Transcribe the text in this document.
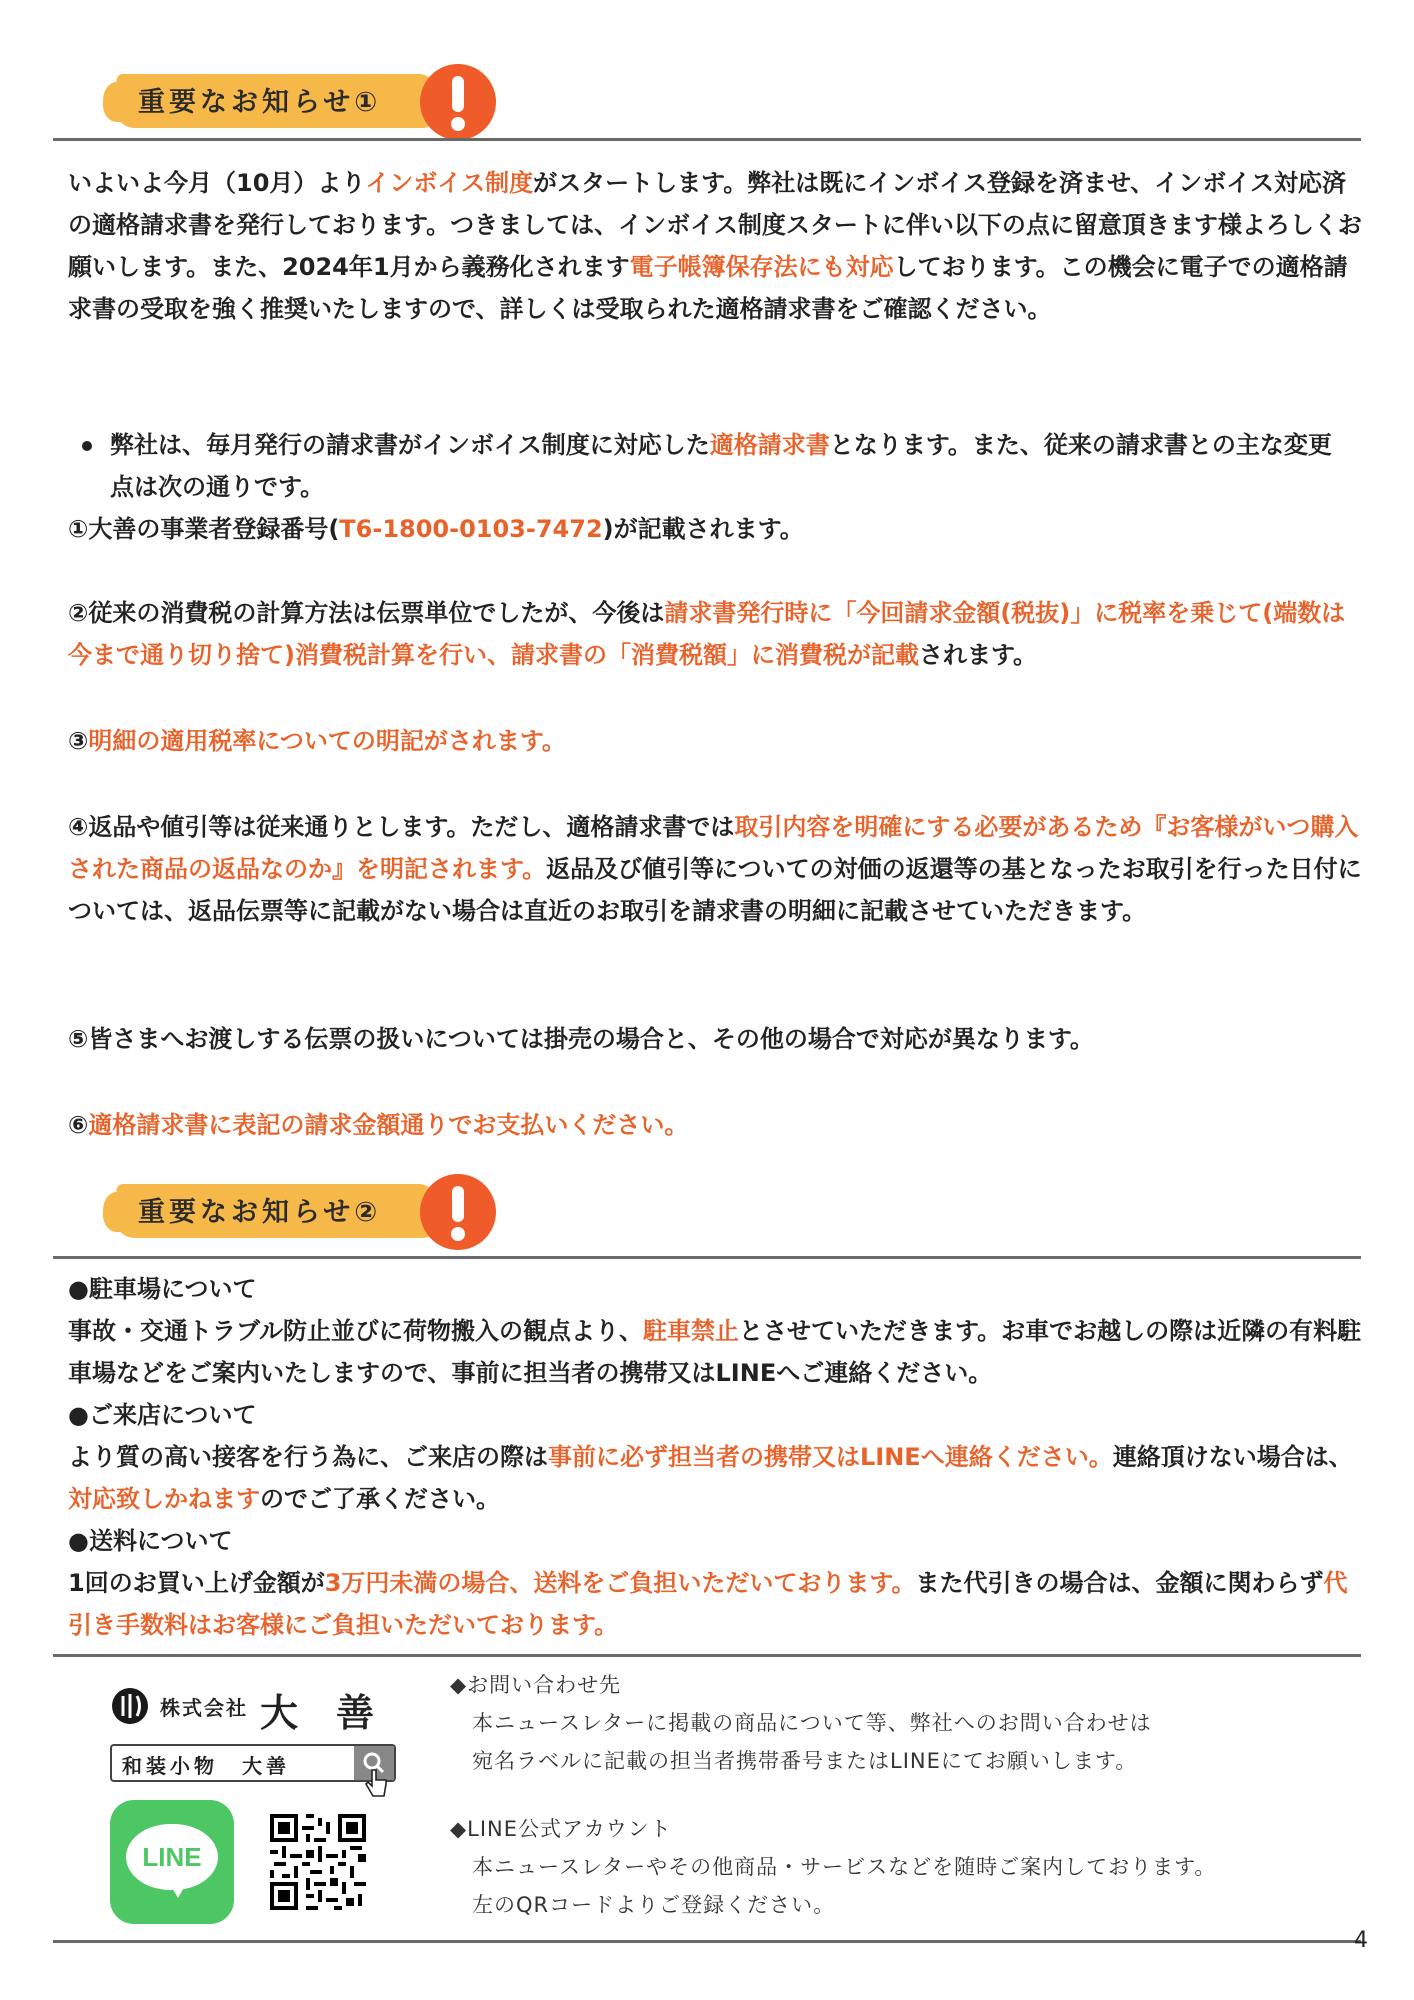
重要なお知らせ①

いよいよ今月（10月）よりインボイス制度がスタートします。弊社は既にインボイス登録を済ませ、インボイス対応済の適格請求書を発行しております。つきましては、インボイス制度スタートに伴い以下の点に留意頂きます様よろしくお願いします。また、2024年1月から義務化されます電子帳簿保存法にも対応しております。この機会に電子での適格請求書の受取を強く推奨いたしますので、詳しくは受取られた適格請求書をご確認ください。

弊社は、毎月発行の請求書がインボイス制度に対応した適格請求書となります。また、従来の請求書との主な変更点は次の通りです。

①大善の事業者登録番号(T6-1800-0103-7472)が記載されます。

②従来の消費税の計算方法は伝票単位でしたが、今後は請求書発行時に「今回請求金額(税抜)」に税率を乗じて(端数は今まで通り切り捨て)消費税計算を行い、請求書の「消費税額」に消費税が記載されます。

③明細の適用税率についての明記がされます。

④返品や値引等は従来通りとします。ただし、適格請求書では取引内容を明確にする必要があるため『お客様がいつ購入された商品の返品なのか』を明記されます。返品及び値引等についての対価の返還等の基となったお取引を行った日付については、返品伝票等に記載がない場合は直近のお取引を請求書の明細に記載させていただきます。

⑤皆さまへお渡しする伝票の扱いについては掛売の場合と、その他の場合で対応が異なります。

⑥適格請求書に表記の請求金額通りでお支払いください。

重要なお知らせ②

●駐車場について

事故・交通トラブル防止並びに荷物搬入の観点より、駐車禁止とさせていただきます。お車でお越しの際は近隣の有料駐車場などをご案内いたしますので、事前に担当者の携帯又はLINEへご連絡ください。

●ご来店について

より質の高い接客を行う為に、ご来店の際は事前に必ず担当者の携帯又はLINEへ連絡ください。連絡頂けない場合は、対応致しかねますのでご了承ください。

●送料について

1回のお買い上げ金額が3万円未満の場合、送料をご負担いただいております。また代引きの場合は、金額に関わらず代引き手数料はお客様にご負担いただいております。

株式会社 大　善
和装小物　大善
LINE
◆お問い合わせ先
本ニュースレターに掲載の商品について等、弊社へのお問い合わせは
宛名ラベルに記載の担当者携帯番号またはLINEにてお願いします。
◆LINE公式アカウント
本ニュースレターやその他商品・サービスなどを随時ご案内しております。
左のQRコードよりご登録ください。
4
